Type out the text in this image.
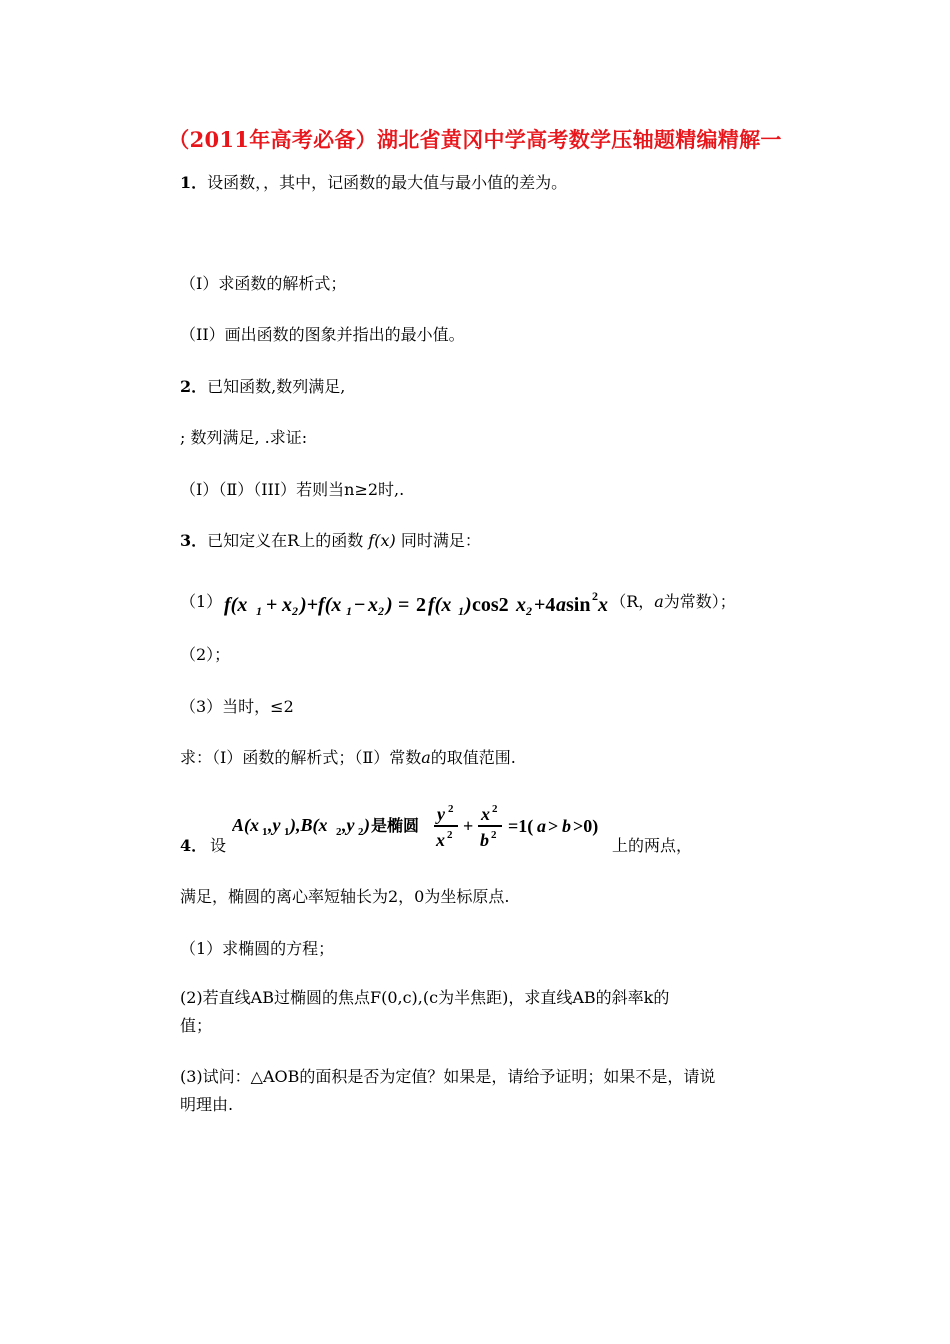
（2011年高考必备）湖北省黄冈中学高考数学压轴题精编精解一
1．设函数，，其中，记函数的最大值与最小值的差为。
（I）求函数的解析式；
（II）画出函数的图象并指出的最小值。
2．已知函数,数列满足,
; 数列满足, .求证:
（Ⅰ）（Ⅱ）（III）若则当n≥2时,.
3．已知定义在R上的函数 f(x) 同时满足：
（1） f(x 1 + x 2 )+f(x 1 − x 2 ) = 2 f(x 1 ) cos2 x 2 +4 a sin 2 x （R，a为常数）；
（2）；
（3）当时，≤2
求：（Ⅰ）函数的解析式；（Ⅱ）常数a的取值范围.
4． 设
A(x 1 ,y 1 ),B(x 2 ,y 2 ) 是椭圆
y 2
x 2 +
x 2
b 2 =1( a > b >0)
上的两点，
满足，椭圆的离心率短轴长为2，0为坐标原点.
（1）求椭圆的方程；
(2)若直线AB过椭圆的焦点F(0,c),(c为半焦距)，求直线AB的斜率k的
值；
(3)试问：△AOB的面积是否为定值？如果是，请给予证明；如果不是，请说
明理由.
